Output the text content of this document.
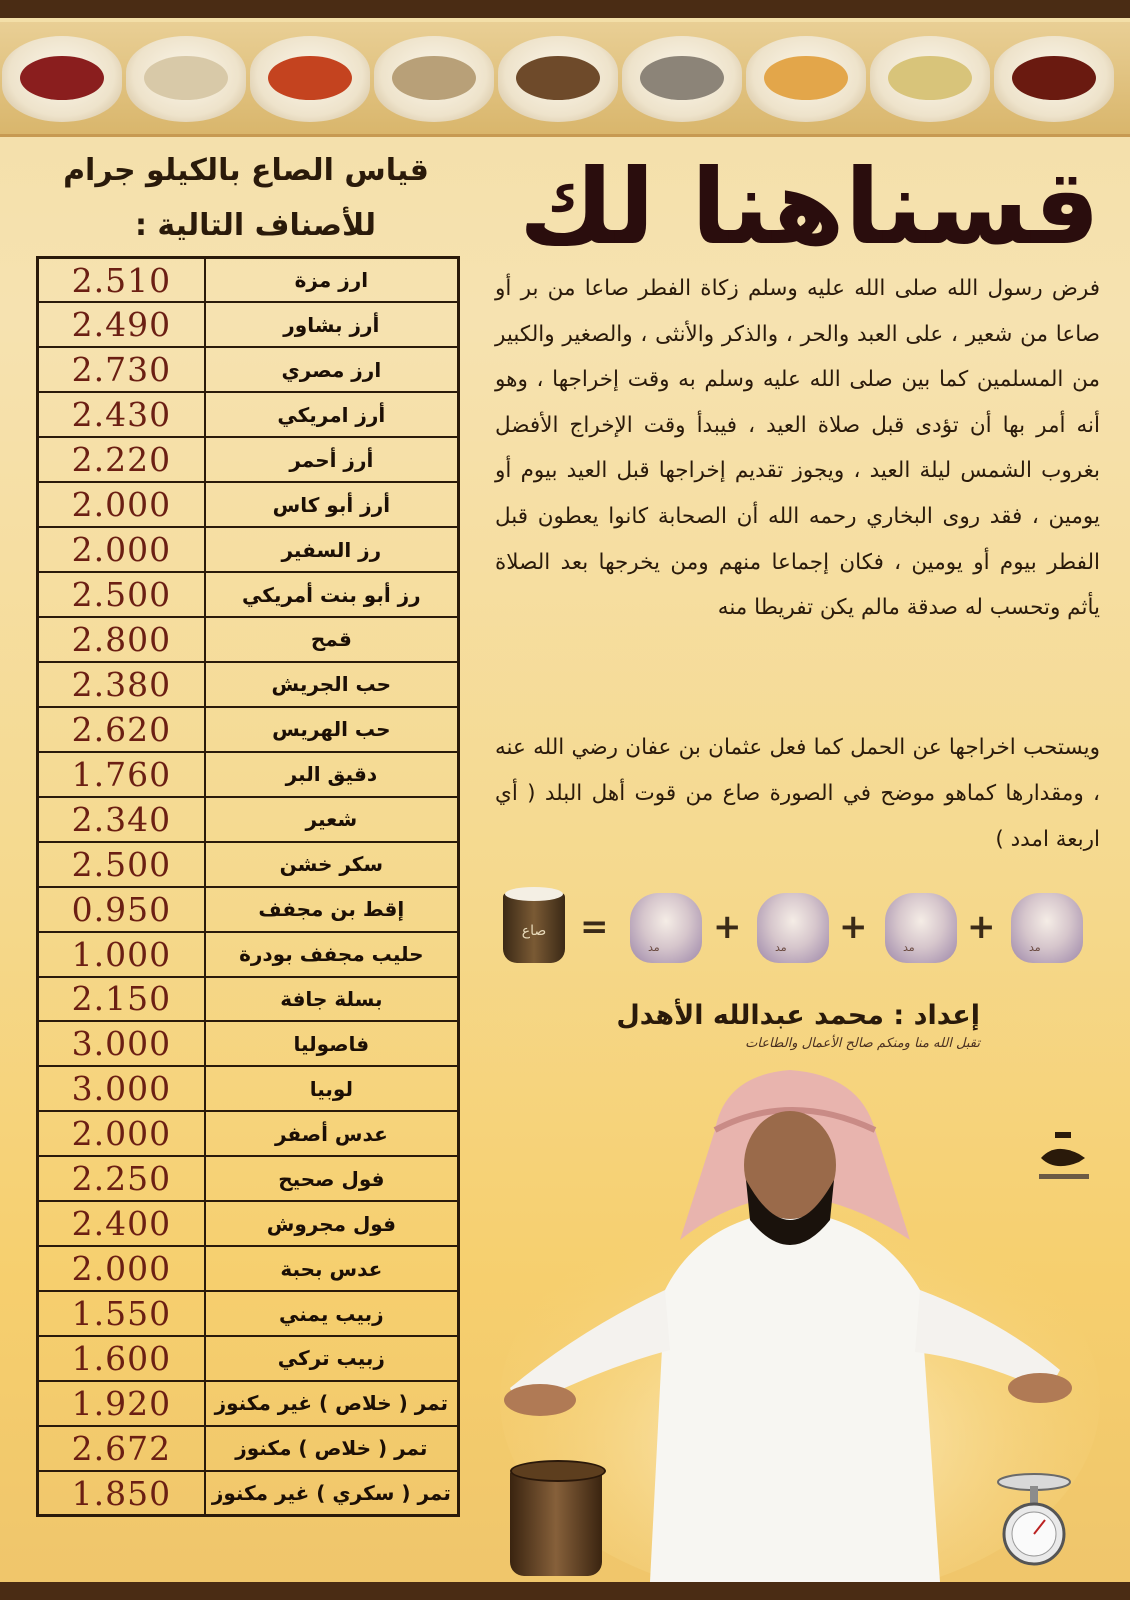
قسناهنا لك
فرض رسول الله صلى الله عليه وسلم زكاة الفطر صاعا من بر أو صاعا من شعير ، على العبد والحر ، والذكر والأنثى ، والصغير والكبير من المسلمين كما بين صلى الله عليه وسلم به وقت إخراجها ، وهو أنه أمر بها أن تؤدى قبل صلاة العيد ، فيبدأ وقت الإخراج الأفضل بغروب الشمس ليلة العيد ، ويجوز تقديم إخراجها قبل العيد بيوم أو يومين ، فقد روى البخاري رحمه الله أن الصحابة كانوا يعطون قبل الفطر بيوم أو يومين ، فكان إجماعا منهم ومن يخرجها بعد الصلاة يأثم وتحسب له صدقة مالم يكن تفريطا منه
ويستحب اخراجها عن الحمل كما فعل عثمان بن عفان رضي الله عنه ، ومقدارها كماهو موضح في الصورة صاع من قوت أهل البلد ( أي اربعة امدد )
قياس الصاع بالكيلو جرام
للأصناف التالية :
2.510	ارز مزة
2.490	أرز بشاور
2.730	ارز مصري
2.430	أرز امريكي
2.220	أرز أحمر
2.000	أرز أبو كاس
2.000	رز السفير
2.500	رز أبو بنت أمريكي
2.800	قمح
2.380	حب الجريش
2.620	حب الهريس
1.760	دقيق البر
2.340	شعير
2.500	سكر خشن
0.950	إقط بن مجفف
1.000	حليب مجفف بودرة
2.150	بسلة جافة
3.000	فاصوليا
3.000	لوبيا
2.000	عدس أصفر
2.250	فول صحيح
2.400	فول مجروش
2.000	عدس بحبة
1.550	زبيب يمني
1.600	زبيب تركي
1.920	تمر ( خلاص ) غير مكنوز
2.672	تمر ( خلاص ) مكنوز
1.850	تمر ( سكري ) غير مكنوز
صاع =
مد
+
مد
+
مد
+
مد
إعداد : محمد عبدالله الأهدل
تقبل الله منا ومنكم صالح الأعمال والطاعات
